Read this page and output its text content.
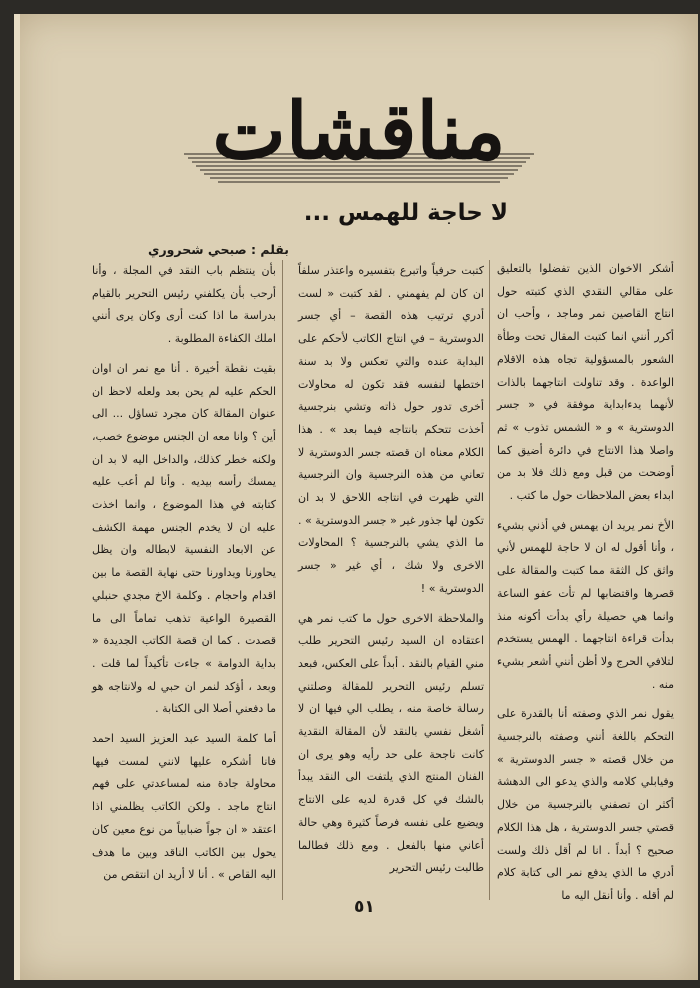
مناقشات
لا حاجة للهمس ...
بقلم : صبحي شحروري

أشكر الاخوان الذين تفضلوا بالتعليق على مقالي النقدي الذي كتبته حول انتاج القاصين نمر وماجد ، وأحب ان أكرر أنني انما كتبت المقال تحت وطأة الشعور بالمسؤولية تجاه هذه الاقلام الواعدة . وقد تناولت انتاجهما بالذات لأنهما يدءابداية موفقة في « جسر الدوسترية » و « الشمس تذوب » ثم واصلا هذا الانتاج في دائرة أضيق كما أوضحت من قبل ومع ذلك فلا بد من ابداء بعض الملاحظات حول ما كتب .

الأخ نمر يريد ان يهمس في أذني بشيء ، وأنا أقول له ان لا حاجة للهمس لأني واثق كل الثقة مما كتبت والمقالة على قصرها واقتضابها لم تأت عفو الساعة وانما هي حصيلة رأي بدأت أكونه منذ بدأت قراءة انتاجهما . الهمس يستخدم لتلافي الحرج ولا أظن أنني أشعر بشيء منه .

يقول نمر الذي وصفته أنا بالقدرة على التحكم باللغة أنني وصفته بالنرجسية من خلال قصته « جسر الدوسترية » وفيابلي كلامه والذي يدعو الى الدهشة أكثر ان تصفني بالنرجسية من خلال قصتي جسر الدوسترية ، هل هذا الكلام صحيح ؟ أبداً . انا لم أقل ذلك ولست أدري ما الذي يدفع نمر الى كتابة كلام لم أقله . وأنا أنقل اليه ما

كتبت حرفياً واتبرع بتفسيره واعتذر سلفاً ان كان لم يفهمني . لقد كتبت « لست أدري ترتيب هذه القصة – أي جسر الدوسترية – في انتاج الكاتب لأحكم على البداية عنده والتي تعكس ولا بد سنة اختطها لنفسه فقد تكون له محاولات أخرى تدور حول ذاته وتشي بنرجسية أخذت تتحكم بانتاجه فيما بعد » . هذا الكلام معناه ان قصته جسر الدوسترية لا تعاني من هذه النرجسية وان النرجسية التي ظهرت في انتاجه اللاحق لا بد ان تكون لها جذور غير « جسر الدوسترية » . ما الذي يشي بالنرجسية ؟ المحاولات الاخرى ولا شك ، أي غير « جسر الدوسترية » !

والملاحظة الاخرى حول ما كتب نمر هي اعتقاده ان السيد رئيس التحرير طلب مني القيام بالنقد . أبداً على العكس، فبعد تسلم رئيس التحرير للمقالة وصلتني رسالة خاصة منه ، يطلب الي فيها ان لا أشغل نفسي بالنقد لأن المقالة النقدية كانت ناجحة على حد رأيه وهو يرى ان الفنان المنتج الذي يلتفت الى النقد يبدأ بالشك في كل قدرة لديه على الانتاج ويضيع على نفسه فرصاً كثيرة وهي حالة أعاني منها بالفعل . ومع ذلك فطالما طالبت رئيس التحرير

بأن ينتظم باب النقد في المجلة ، وأنا أرحب بأن يكلفني رئيس التحرير بالقيام بدراسة ما اذا كنت أرى وكان يرى أنني املك الكفاءة المطلوبة .

بقيت نقطة أخيرة . أنا مع نمر ان اوان الحكم عليه لم يحن بعد ولعله لاحظ ان عنوان المقالة كان مجرد تساؤل ... الى أين ؟ وانا معه ان الجنس موضوع خصب، ولكنه خطر كذلك، والداخل اليه لا بد ان يمسك رأسه بيديه . وأنا لم أعب عليه كتابته في هذا الموضوع ، وانما اخذت عليه ان لا يخدم الجنس مهمة الكشف عن الابعاد النفسية لابطاله وان يظل يحاورنا ويداورنا حتى نهاية القصة ما بين اقدام واحجام . وكلمة الاخ مجدي حنبلي القصيرة الواعية تذهب تماماً الى ما قصدت . كما ان قصة الكاتب الجديدة « بداية الدوامة » جاءت تأكيداً لما قلت . وبعد ، أؤكد لنمر ان حبي له ولانتاجه هو ما دفعني أصلا الى الكتابة .

أما كلمة السيد عبد العزيز السيد احمد فانا أشكره عليها لانني لمست فيها محاولة جادة منه لمساعدتي على فهم انتاج ماجد . ولكن الكاتب يظلمني اذا اعتقد « ان جواً ضبابياً من نوع معين كان يحول بين الكاتب الناقد وبين ما هدف اليه القاص » . أنا لا أريد ان انتقص من

٥١
